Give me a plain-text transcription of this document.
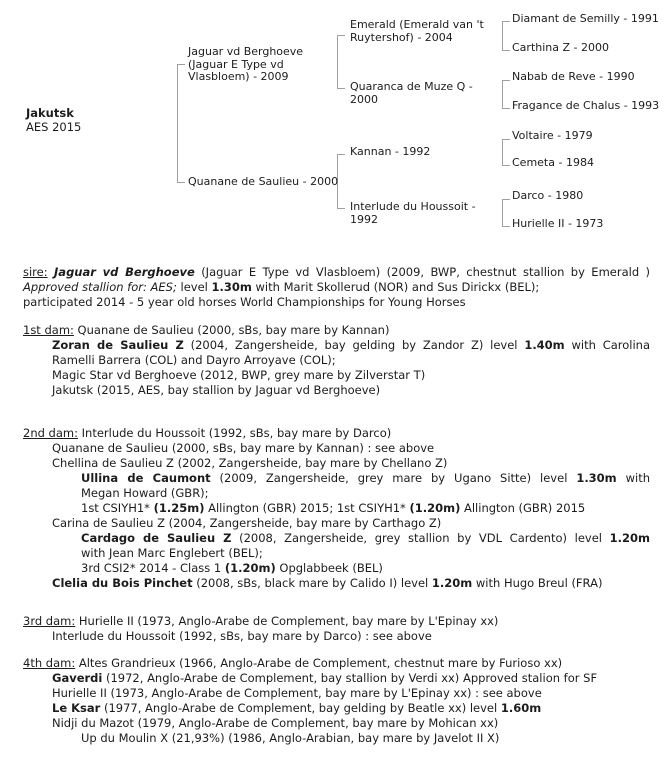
Jakutsk
AES 2015
Jaguar vd Berghoeve
(Jaguar E Type vd
Vlasbloem) - 2009
Quanane de Saulieu - 2000
Emerald (Emerald van 't
Ruytershof) - 2004
Quaranca de Muze Q -
2000
Kannan - 1992
Interlude du Houssoit -
1992
Diamant de Semilly - 1991
Carthina Z - 2000
Nabab de Reve - 1990
Fragance de Chalus - 1993
Voltaire - 1979
Cemeta - 1984
Darco - 1980
Hurielle II - 1973
sire: Jaguar vd Berghoeve (Jaguar E Type vd Vlasbloem) (2009, BWP, chestnut stallion by Emerald )
Approved stallion for: AES; level 1.30m with Marit Skollerud (NOR) and Sus Dirickx (BEL);
participated 2014 - 5 year old horses World Championships for Young Horses
1st dam: Quanane de Saulieu (2000, sBs, bay mare by Kannan)
Zoran de Saulieu Z (2004, Zangersheide, bay gelding by Zandor Z) level 1.40m with Carolina
Ramelli Barrera (COL) and Dayro Arroyave (COL);
Magic Star vd Berghoeve (2012, BWP, grey mare by Zilverstar T)
Jakutsk (2015, AES, bay stallion by Jaguar vd Berghoeve)
2nd dam: Interlude du Houssoit (1992, sBs, bay mare by Darco)
Quanane de Saulieu (2000, sBs, bay mare by Kannan) : see above
Chellina de Saulieu Z (2002, Zangersheide, bay mare by Chellano Z)
Ullina de Caumont (2009, Zangersheide, grey mare by Ugano Sitte) level 1.30m with
Megan Howard (GBR);
1st CSIYH1* (1.25m) Allington (GBR) 2015; 1st CSIYH1* (1.20m) Allington (GBR) 2015
Carina de Saulieu Z (2004, Zangersheide, bay mare by Carthago Z)
Cardago de Saulieu Z (2008, Zangersheide, grey stallion by VDL Cardento) level 1.20m
with Jean Marc Englebert (BEL);
3rd CSI2* 2014 - Class 1 (1.20m) Opglabbeek (BEL)
Clelia du Bois Pinchet (2008, sBs, black mare by Calido I) level 1.20m with Hugo Breul (FRA)
3rd dam: Hurielle II (1973, Anglo-Arabe de Complement, bay mare by L'Epinay xx)
Interlude du Houssoit (1992, sBs, bay mare by Darco) : see above
4th dam: Altes Grandrieux (1966, Anglo-Arabe de Complement, chestnut mare by Furioso xx)
Gaverdi (1972, Anglo-Arabe de Complement, bay stallion by Verdi xx) Approved stalion for SF
Hurielle II (1973, Anglo-Arabe de Complement, bay mare by L'Epinay xx) : see above
Le Ksar (1977, Anglo-Arabe de Complement, bay gelding by Beatle xx) level 1.60m
Nidji du Mazot (1979, Anglo-Arabe de Complement, bay mare by Mohican xx)
Up du Moulin X (21,93%) (1986, Anglo-Arabian, bay mare by Javelot II X)
